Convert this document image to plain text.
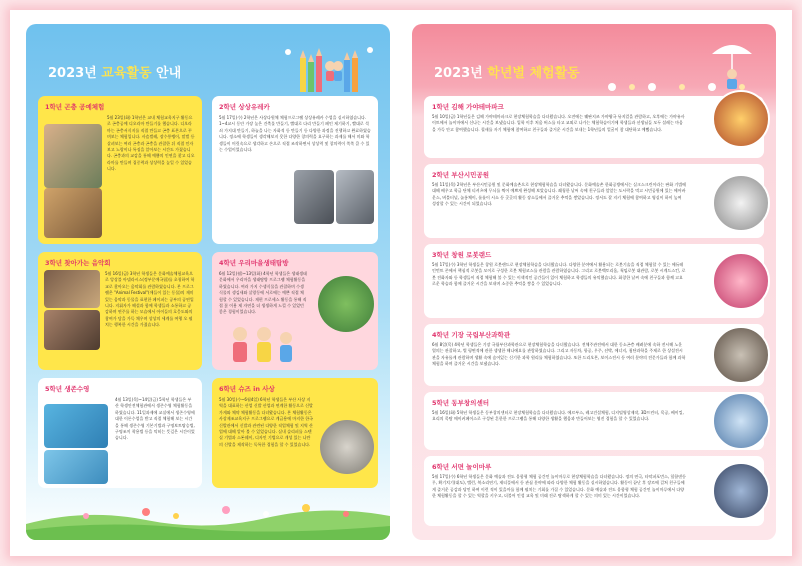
2023년 교육활동 안내
1학년 곤충 공예체험

5월 23일(화) 1학년은 교내 체험교육지구 활동으로 곤충공예 디오라마 만들기를 했습니다. 디오라마는 곤충서식지를 직접 만들고 곤충 표본으로 꾸며보는 체험입니다. 사슴벌레, 장수풍뎅이, 말벌 등 살펴보는 여러 곤충과 곤충을 관찰한 뒤 직접 인자보고 노랑이나 특징을 알아보는 시간도 가졌습니다. 곤충과의 교감을 통해 예쁨의 인연을 찾고 디오라마를 만들며 집중력과 상상력을 높일 수 있었습니다.

2학년 상상유레카

5월 17일(수) 2학년은 사상다원체 체험프로그램 상상유레카 수업을 실시하였습니다. 1~4교시 동안 가장 높은 건축물 만들기, 빨대로 다리 만들기 페인 제기하기, 빨대로 석쇠 가지대 만들기, 하늘을 나는 자화적 등 만들기 등 다양한 과정을 진행하고 완료하였습니다. 정소에 학생들이 생각해보지 못한 다양한 창의력을 요구하는 과제를 해서 미와 학생들이 머릿속으로 생각하고 손으로 직접 조작하면서 상상력 및 창의력이 쑥쑥 클 수 있는 수업이었습니다.

3학년 찾아가는 음악회

5월 16일(금) 3학년 학생들은 문화예술체험교육으로 앙상블 아넬라시스(정부문예국립)를 초청하여 학교로 찾아오는 음악회를 관람하였습니다. 본 프로그램은 "Animal Festival"(애들이 있는 동물)의 재미있는 음악과 동물을 표현한 페이퍼는 공부의 공연입니다. 지휘자가 해설과 함께 학생들과 소통하고 공감하며 연주를 하는 모습에서 아이들의 호응도와의 참여가 담을 가득 채우며 상상의 세계를 여행 오 펼치는 행복한 시간을 가졌습니다.

4학년 우리마을생태탐방

6월 12일(월)~13일(화) 4학년 학생들은 생태생태문화에서 우리마을 생태탐방 프로그램 체험활동을 하였습니다. 여러 가지 수생식물을 관찰하며 수생식물의 생김새와 살랑동에 서로에는 예쁜 직접 체험할 수 있었습니다. 재편 프로세스 활동을 통해 직접 꽃 이용 제 자연을 더 생생하게 느낄 수 있었던 좋은 경험이었습니다.

5학년 생존수영

4월 13일(목)~14일(금) 5학년 학생들은 부산 학생안전체험관에서 생존수영 체험활동을 하였습니다. 11일과제에 교실에서 생존수영에 대한 이론수업을 받고 직접 체험해 보는 시간을 통해 생존수영 기본기법과 구명보트탑승법, 구명조끼 착용법 등을 익히는 뜻깊은 시간이었습니다.

6학년 슈즈 in 사상

5월 30일(수~6월4일) 6학년 학생들은 부산 사상 지역을 대표하는 산업 신발 산업과 연계한 활동으로 신발가게와 체약 체험활동을 다녀왔습니다. 본 체험활동은 사상제조교육지구 프로그램으로 계급용에 마지한 한국신발관에서 신발과 관련된 다양한 직업체험 및 지역 산업에 대해 알아 볼 수 있었습니다. 실내 슬리퍼를 스텐실 기법과 스톤쉐이, 디자인 기법으로 개성 있는 나만의 신발을 제작하는 독특한 경험을 할 수 있었습니다.

2023년 학년별 체험활동
1학년 김해 가야테마파크

5월 10일(금) 1학년들은 김해 가야테마파크로 현장체험학습을 다녀왔습니다. 오전에는 퀘판지즈 가야왕국 뮤지컬을 관람하고, 오후에는 가야유사이트에서 놀이마에서 신나는 시간을 보냈습니다. 입학 이후 처음 버스를 타고 교외로 나가는 체험학습이기에 학생들과 선생님들 모두 설레는 마음을 가득 안고 참여했습니다. 철새를 자기 체험에 참여하고 친구들과 즐거운 시간을 보내는 1학년들의 얼굴이 참 대단하고 예뻤습니다.

2학년 부산시민공원

5월 11일(목) 2학년은 부산시민공원 및 문화예술촌으로 현장체험학습을 다녀왔습니다. 문화예술촌 한화공방에서는 실크스크린이라는 판화 기법에 대해 배우고 학급 단체 티셔츠에 무늬를 찍어 예쁘게 완성해 보았습니다. 쾌청한 날씨 속에 친구들과 앞앞는 도시락을 먹고 시민공원에 있는 에어바운스, 버블터널, 놀롱체이, 롤롤이 시소 등 곳곳의 활동 장소들에서 즐거운 추억을 쌓았습니다. 정서도 잘 지키 체험에 참여하고 영실이 하이 높여 성장할 수 있는 시간이 되었습니다.

3학년 창원 로봇랜드

5월 17일(수) 3학년 학생들은 창원 로봇랜드로 현장체험학습을 다녀왔습니다. 다양한 분야에서 활용되는 로봇기술을 직접 체험할 수 있는 에듀테인먼트 존에서 핵심적 로봇을 모이로 구성한 로봇 체험코스를 관람을 관람하였습니다. 그리고 로봇백토리움, 척임로봇 대관람, 로봇 시계드스킨, 로봇 전화자와 등 학생들이 직접 체험해 볼 수 있는 이색적인 공간들이 있어 체험하고 학생들의 유익했습니다. 화창한 날씨 속에 친구들과 함께 고요로운 학습과 함께 즐거운 시간을 보내며 소중한 추억을 쌓을 수 있었습니다.

4학년 기장 국립부산과학관

6월 8일(목) 4학년 학생들은 기장 국립부산과학관으로 현장체험학습을 다녀왔습니다. 전체주관전에서 대한 동소곤층 배려분에 속하 전시해 노운 열의는 관찰하고, 별 평면적에 관한 생생한 해나에요를 관람하였습니다. 그리고 자동차, 항공, 우주, 선박, 에너지, 첨단과학을 주제로 한 상설전시관을 자유롭게 관람하며 생활 속에 숨어있는 신기한 과학 원리를 체험하였습니다. 또한 드리오본, 보이스전시 등 여러 분야의 전문가들과 함께 과학 체험을 하며 즐거운 시간을 보냈습니다.

5학년 동부창의센터

5월 16일(화) 5학년 학생들은 동부창의센터로 현장체험학습을 다녀왔습니다. 에르부스, 레고건설체험, 디지털영상제작, 3D프린터, 목공, 베이킹, 요리의 목탐 메이커페이스로 구성된 흔한한 프로그램을 통해 다양한 생활을 했음과 만들어보는 영진 경험을 할 수 있었습니다.

6학년 서면 놀이마루

5월 17일(수) 6학년 학생들은 문화 예술과 전도 융합형 체험 공간인 놀이마루로 현장체험학습을 다녀왔습니다. 정의 연극, 타악퍼포먼스, 힙합댄등무, 확기치기(대도), 밸런, 북소리연기, 제티플에서 등 관심 분야에 따라 다양한 체험 활동을 실시하였습니다. 활동이 끝난 후 장르에 걸쳐 친구들에게 즐거운 공감과 당인 하여 이런 적이 있을까를 함께 펼치는 기회를 가질 수 있었습니다. 문화 예술과 전도 융합형 체험 공간인 놀이마루에서 다양한 체험활동을 할 수 있는 역할을 키우고, 더불어 인성 교육 및 미래 진로 탐색하게 할 수 있는 의미 있는 시간이었습니다.
